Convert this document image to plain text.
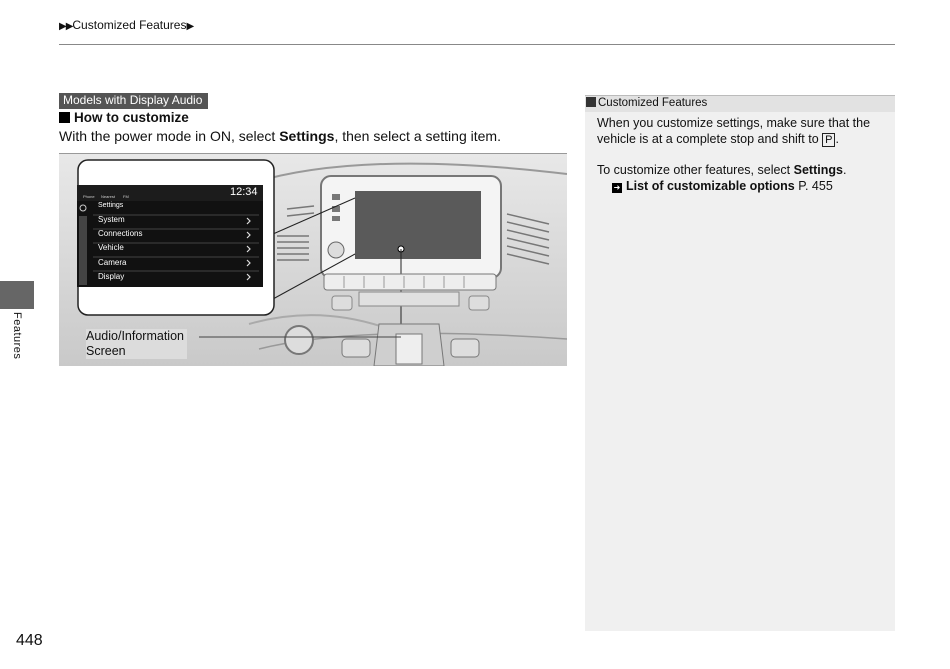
▶▶Customized Features▶
Models with Display Audio
How to customize
With the power mode in ON, select Settings, then select a setting item.
Phone Nearest FM	12:34
Settings
System
Connections
Vehicle
Camera
Display
Audio/Information
Screen
Customized Features
When you customize settings, make sure that the vehicle is at a complete stop and shift to P .
To customize other features, select Settings.
➜ List of customizable options P. 455
Features
448
